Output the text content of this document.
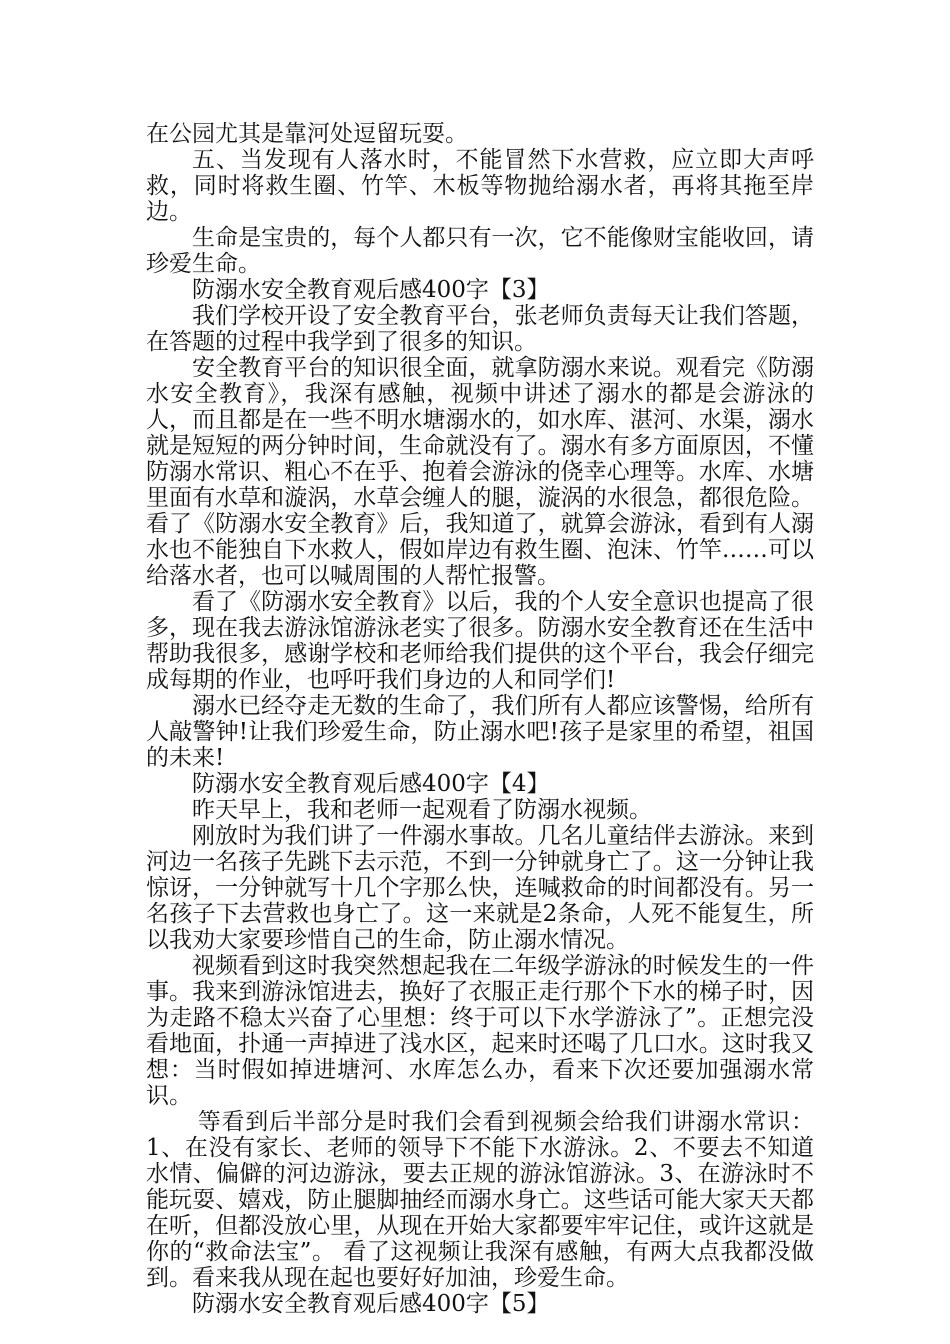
在公园尤其是靠河处逗留玩耍。

五、当发现有人落水时，不能冒然下水营救，应立即大声呼救，同时将救生圈、竹竿、木板等物抛给溺水者，再将其拖至岸边。

生命是宝贵的，每个人都只有一次，它不能像财宝能收回，请珍爱生命。

防溺水安全教育观后感400字【3】

我们学校开设了安全教育平台，张老师负责每天让我们答题，在答题的过程中我学到了很多的知识。

安全教育平台的知识很全面，就拿防溺水来说。观看完《防溺水安全教育》，我深有感触，视频中讲述了溺水的都是会游泳的人，而且都是在一些不明水塘溺水的，如水库、湛河、水渠，溺水就是短短的两分钟时间，生命就没有了。溺水有多方面原因，不懂防溺水常识、粗心不在乎、抱着会游泳的侥幸心理等。水库、水塘里面有水草和漩涡，水草会缠人的腿，漩涡的水很急，都很危险。看了《防溺水安全教育》后，我知道了，就算会游泳，看到有人溺水也不能独自下水救人，假如岸边有救生圈、泡沫、竹竿……可以给落水者，也可以喊周围的人帮忙报警。

看了《防溺水安全教育》以后，我的个人安全意识也提高了很多，现在我去游泳馆游泳老实了很多。防溺水安全教育还在生活中帮助我很多，感谢学校和老师给我们提供的这个平台，我会仔细完成每期的作业，也呼吁我们身边的人和同学们!

溺水已经夺走无数的生命了，我们所有人都应该警惕，给所有人敲警钟!让我们珍爱生命，防止溺水吧!孩子是家里的希望，祖国的未来!

防溺水安全教育观后感400字【4】

昨天早上，我和老师一起观看了防溺水视频。

刚放时为我们讲了一件溺水事故。几名儿童结伴去游泳。来到河边一名孩子先跳下去示范，不到一分钟就身亡了。这一分钟让我惊讶，一分钟就写十几个字那么快，连喊救命的时间都没有。另一名孩子下去营救也身亡了。这一来就是2条命，人死不能复生，所以我劝大家要珍惜自己的生命，防止溺水情况。

视频看到这时我突然想起我在二年级学游泳的时候发生的一件事。我来到游泳馆进去，换好了衣服正走行那个下水的梯子时，因为走路不稳太兴奋了心里想：终于可以下水学游泳了”。正想完没看地面，扑通一声掉进了浅水区，起来时还喝了几口水。这时我又想：当时假如掉进塘河、水库怎么办，看来下次还要加强溺水常识。

等看到后半部分是时我们会看到视频会给我们讲溺水常识：1、在没有家长、老师的领导下不能下水游泳。2、不要去不知道水情、偏僻的河边游泳，要去正规的游泳馆游泳。3、在游泳时不能玩耍、嬉戏，防止腿脚抽经而溺水身亡。这些话可能大家天天都在听，但都没放心里，从现在开始大家都要牢牢记住，或许这就是你的“救命法宝”。 看了这视频让我深有感触，有两大点我都没做到。看来我从现在起也要好好加油，珍爱生命。

防溺水安全教育观后感400字【5】
